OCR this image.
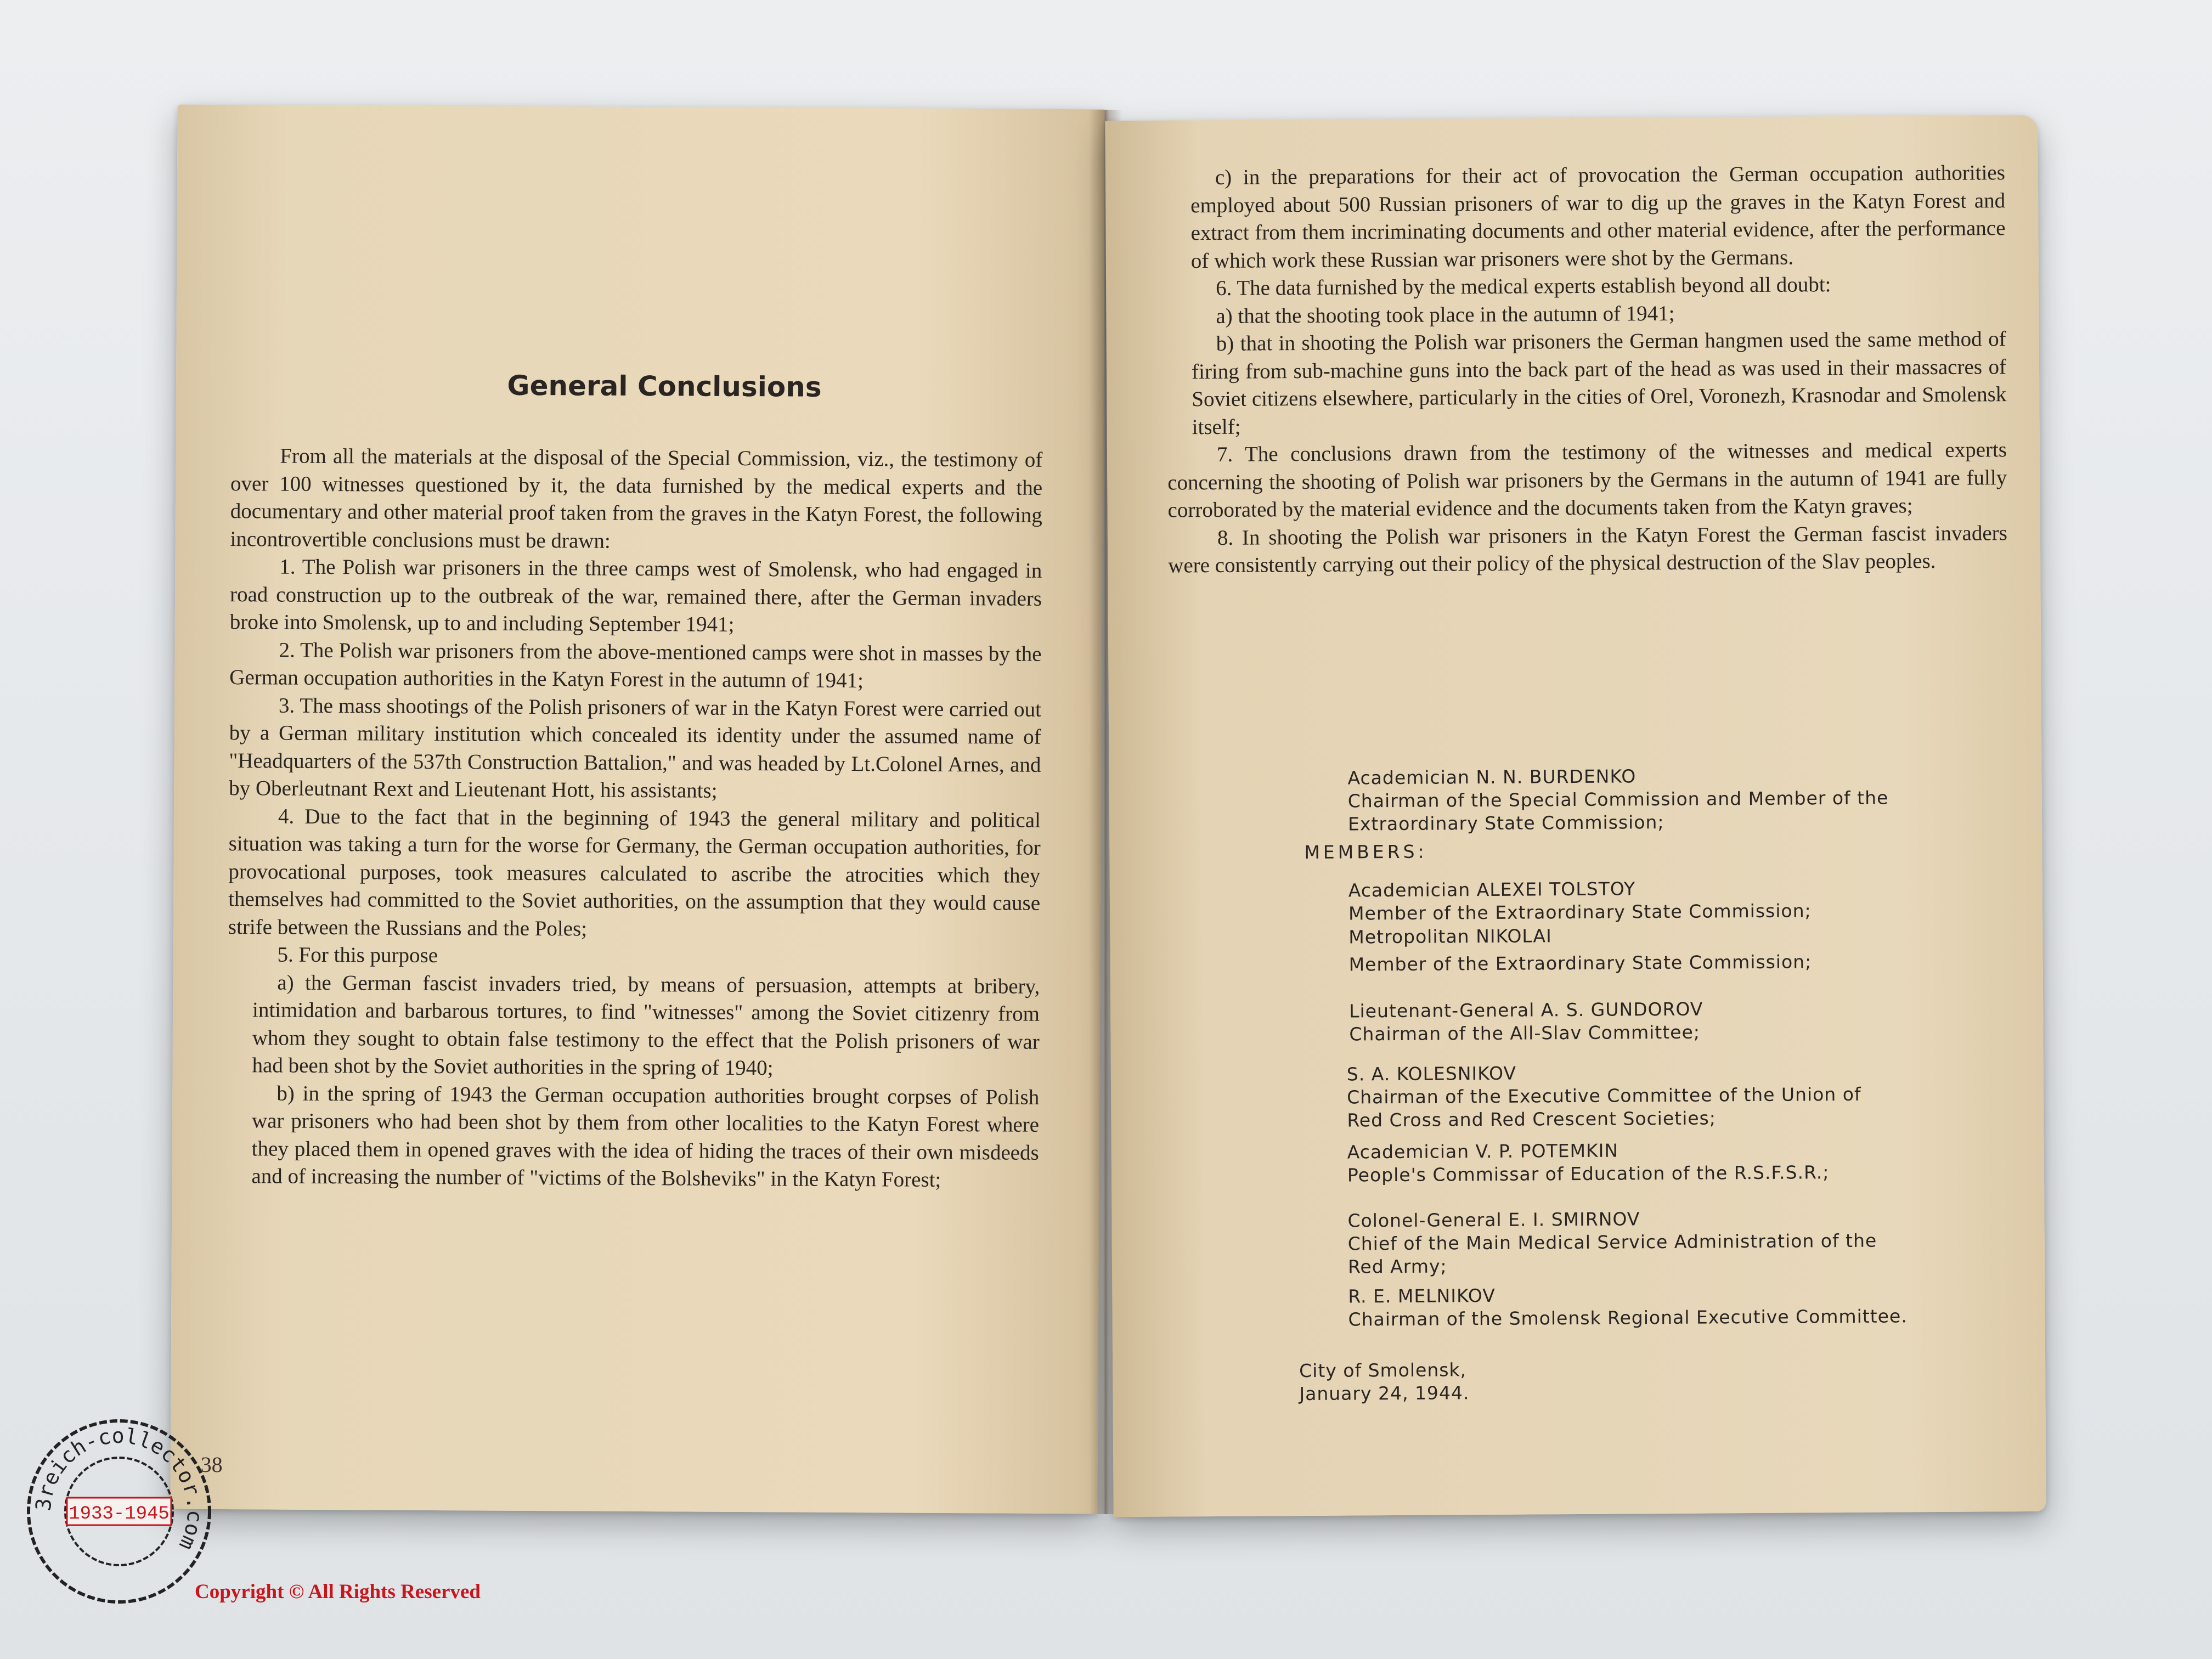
General Conclusions

From all the materials at the disposal of the Special Commission, viz., the testimony of over 100 witnesses questioned by it, the data furnished by the medical experts and the documentary and other material proof taken from the graves in the Katyn Forest, the following incontrovertible conclusions must be drawn:

1. The Polish war prisoners in the three camps west of Smolensk, who had engaged in road construction up to the outbreak of the war, remained there, after the German invaders broke into Smolensk, up to and including September 1941;

2. The Polish war prisoners from the above-mentioned camps were shot in masses by the German occupation authorities in the Katyn Forest in the autumn of 1941;

3. The mass shootings of the Polish prisoners of war in the Katyn Forest were carried out by a German military institution which concealed its identity under the assumed name of "Headquarters of the 537th Construction Battalion," and was headed by Lt.Colonel Arnes, and by Oberleutnant Rext and Lieutenant Hott, his assistants;

4. Due to the fact that in the beginning of 1943 the general military and political situation was taking a turn for the worse for Germany, the German occupation authorities, for provocational purposes, took measures calculated to ascribe the atrocities which they themselves had committed to the Soviet authorities, on the assumption that they would cause strife between the Russians and the Poles;

5. For this purpose

a) the German fascist invaders tried, by means of persuasion, attempts at bribery, intimidation and barbarous tortures, to find "witnesses" among the Soviet citizenry from whom they sought to obtain false testimony to the effect that the Polish prisoners of war had been shot by the Soviet authorities in the spring of 1940;

b) in the spring of 1943 the German occupation authorities brought corpses of Polish war prisoners who had been shot by them from other localities to the Katyn Forest where they placed them in opened graves with the idea of hiding the traces of their own misdeeds and of increasing the number of "victims of the Bolsheviks" in the Katyn Forest;

38

c) in the preparations for their act of provocation the German occupation authorities employed about 500 Russian prisoners of war to dig up the graves in the Katyn Forest and extract from them incriminating documents and other material evidence, after the performance of which work these Russian war prisoners were shot by the Germans.

6. The data furnished by the medical experts establish beyond all doubt:

a) that the shooting took place in the autumn of 1941;

b) that in shooting the Polish war prisoners the German hangmen used the same method of firing from sub-machine guns into the back part of the head as was used in their massacres of Soviet citizens elsewhere, particularly in the cities of Orel, Voronezh, Krasnodar and Smolensk itself;

7. The conclusions drawn from the testimony of the witnesses and medical experts concerning the shooting of Polish war prisoners by the Germans in the autumn of 1941 are fully corroborated by the material evidence and the documents taken from the Katyn graves;

8. In shooting the Polish war prisoners in the Katyn Forest the German fascist invaders were consistently carrying out their policy of the physical destruction of the Slav peoples.

Academician N. N. BURDENKO
Chairman of the Special Commission and Member of the
Extraordinary State Commission;
MEMBERS:
Academician ALEXEI TOLSTOY
Member of the Extraordinary State Commission;
Metropolitan NIKOLAI
Member of the Extraordinary State Commission;
Lieutenant-General A. S. GUNDOROV
Chairman of the All-Slav Committee;
S. A. KOLESNIKOV
Chairman of the Executive Committee of the Union of
Red Cross and Red Crescent Societies;
Academician V. P. POTEMKIN
People's Commissar of Education of the R.S.F.S.R.;
Colonel-General E. I. SMIRNOV
Chief of the Main Medical Service Administration of the
Red Army;
R. E. MELNIKOV
Chairman of the Smolensk Regional Executive Committee.
City of Smolensk,
January 24, 1944.
3reich-collector.com
1933-1945
Copyright © All Rights Reserved
